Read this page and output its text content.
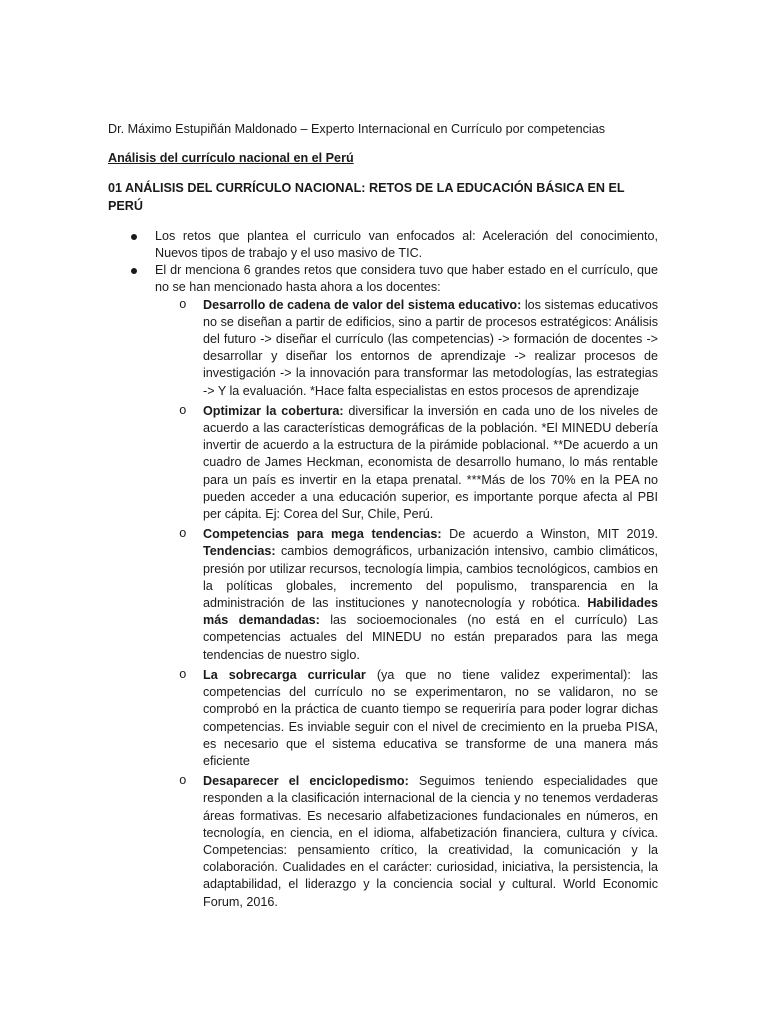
Dr. Máximo Estupiñán Maldonado – Experto Internacional en Currículo por competencias

Análisis del currículo nacional en el Perú

01 ANÁLISIS DEL CURRÍCULO NACIONAL: RETOS DE LA EDUCACIÓN BÁSICA EN EL PERÚ

Los retos que plantea el curriculo van enfocados al: Aceleración del conocimiento, Nuevos tipos de trabajo y el uso masivo de TIC.
El dr menciona 6 grandes retos que considera tuvo que haber estado en el currículo, que no se han mencionado hasta ahora a los docentes:
o Desarrollo de cadena de valor del sistema educativo: los sistemas educativos no se diseñan a partir de edificios, sino a partir de procesos estratégicos: Análisis del futuro -> diseñar el currículo (las competencias) -> formación de docentes -> desarrollar y diseñar los entornos de aprendizaje -> realizar procesos de investigación -> la innovación para transformar las metodologías, las estrategias -> Y la evaluación. *Hace falta especialistas en estos procesos de aprendizaje
o Optimizar la cobertura: diversificar la inversión en cada uno de los niveles de acuerdo a las características demográficas de la población. *El MINEDU debería invertir de acuerdo a la estructura de la pirámide poblacional. **De acuerdo a un cuadro de James Heckman, economista de desarrollo humano, lo más rentable para un país es invertir en la etapa prenatal. ***Más de los 70% en la PEA no pueden acceder a una educación superior, es importante porque afecta al PBI per cápita. Ej: Corea del Sur, Chile, Perú.
o Competencias para mega tendencias: De acuerdo a Winston, MIT 2019. Tendencias: cambios demográficos, urbanización intensivo, cambio climáticos, presión por utilizar recursos, tecnología limpia, cambios tecnológicos, cambios en la políticas globales, incremento del populismo, transparencia en la administración de las instituciones y nanotecnología y robótica. Habilidades más demandadas: las socioemocionales (no está en el currículo) Las competencias actuales del MINEDU no están preparados para las mega tendencias de nuestro siglo.
o La sobrecarga curricular (ya que no tiene validez experimental): las competencias del currículo no se experimentaron, no se validaron, no se comprobó en la práctica de cuanto tiempo se requeriría para poder lograr dichas competencias. Es inviable seguir con el nivel de crecimiento en la prueba PISA, es necesario que el sistema educativa se transforme de una manera más eficiente
o Desaparecer el enciclopedismo: Seguimos teniendo especialidades que responden a la clasificación internacional de la ciencia y no tenemos verdaderas áreas formativas. Es necesario alfabetizaciones fundacionales en números, en tecnología, en ciencia, en el idioma, alfabetización financiera, cultura y cívica. Competencias: pensamiento crítico, la creatividad, la comunicación y la colaboración. Cualidades en el carácter: curiosidad, iniciativa, la persistencia, la adaptabilidad, el liderazgo y la conciencia social y cultural. World Economic Forum, 2016.
